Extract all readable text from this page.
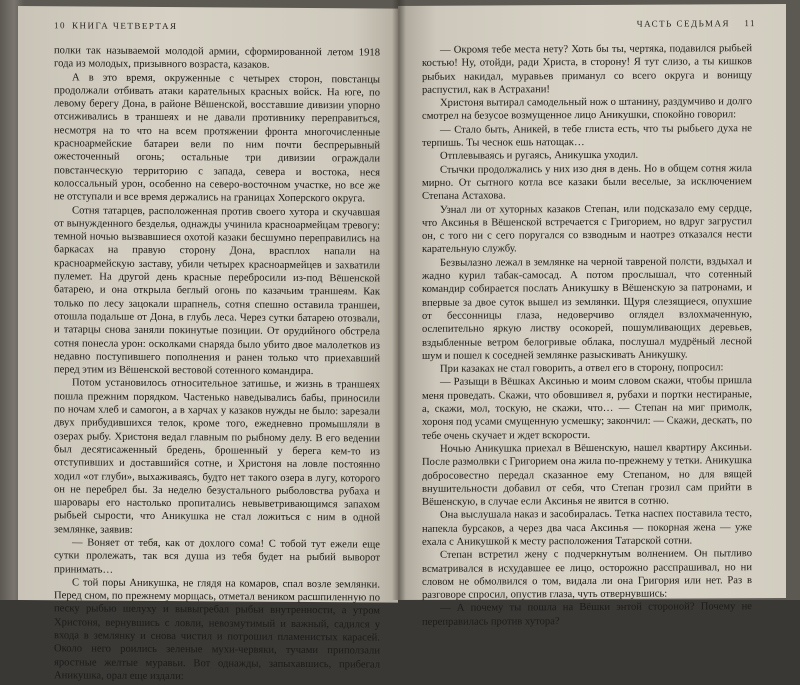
10 КНИГА ЧЕТВЕРТАЯ

полки так называемой молодой армии, сформированной летом 1918 года из молодых, призывного возраста, казаков.

А в это время, окруженные с четырех сторон, повстанцы продолжали отбивать атаки карательных красных войск. На юге, по левому берегу Дона, в районе Вёшенской, восставшие дивизии упорно отсиживались в траншеях и не давали противнику переправиться, несмотря на то что на всем протяжении фронта многочисленные красноармейские батареи вели по ним почти беспрерывный ожесточенный огонь; остальные три дивизии ограждали повстанческую территорию с запада, севера и востока, неся колоссальный урон, особенно на северо-восточном участке, но все же не отступали и все время держались на границах Хоперского округа.

Сотня татарцев, расположенная против своего хутора и скучавшая от вынужденного безделья, однажды учинила красноармейцам тревогу: темной ночью вызвавшиеся охотой казаки бесшумно переправились на баркасах на правую сторону Дона, врасплох напали на красноармейскую заставу, убили четырех красноармейцев и захватили пулемет. На другой день красные перебросили из-под Вёшенской батарею, и она открыла беглый огонь по казачьим траншеям. Как только по лесу зацокали шрапнель, сотня спешно оставила траншеи, отошла подальше от Дона, в глубь леса. Через сутки батарею отозвали, и татарцы снова заняли покинутые позиции. От орудийного обстрела сотня понесла урон: осколками снаряда было убито двое малолетков из недавно поступившего пополнения и ранен только что приехавший перед этим из Вёшенской вестовой сотенного командира.

Потом установилось относительное затишье, и жизнь в траншеях пошла прежним порядком. Частенько наведывались бабы, приносили по ночам хлеб и самогон, а в харчах у казаков нужды не было: зарезали двух прибудившихся телок, кроме того, ежедневно промышляли в озерах рыбу. Христоня ведал главным по рыбному делу. В его ведении был десятисаженный бредень, брошенный у берега кем-то из отступивших и доставшийся сотне, и Христоня на ловле постоянно ходил «от глуби», выхаживаясь, будто нет такого озера в лугу, которого он не перебрел бы. За неделю безустального рыболовства рубаха и шаровары его настолько пропитались невыветривающимся запахом рыбьей сырости, что Аникушка не стал ложиться с ним в одной землянке, заявив:

— Воняет от тебя, как от дохлого сома! С тобой тут ежели еще сутки пролежать, так вся душа из тебя будет на рыбий выворот принимать…

С той поры Аникушка, не глядя на комаров, спал возле землянки. Перед сном, по прежнему морщась, отметал веником расшпиленную по песку рыбью шелуху и вывыгребал рыбьи внутренности, а утром Христоня, вернувшись с ловли, невозмутимый и важный, садился у входа в землянку и снова чистил и потрошил пламенистых карасей. Около него роились зеленые мухи-червяки, тучами приползали яростные желтые муравьи. Вот однажды, запыхавшись, прибегал Аникушка, орал еще издали:

ЧАСТЬ СЕДЬМАЯ 11

— Окромя тебе места нету? Хоть бы ты, чертяка, подавился рыбьей костью! Ну, отойди, ради Христа, в сторону! Я тут слизо, а ты кишков рыбьих накидал, муравьев приманул со всего округа и вонищу распустил, как в Астрахани!

Христоня вытирал самодельный нож о штанину, раздумчиво и долго смотрел на безусое возмущенное лицо Аникушки, спокойно говорил:

— Стало быть, Аникей, в тебе глиста есть, что ты рыбьего духа не терпишь. Ты чеснок ешь натощак…

Отплевываясь и ругаясь, Аникушка уходил.

Стычки продолжались у них изо дня в день. Но в общем сотня жила мирно. От сытного котла все казаки были веселые, за исключением Степана Астахова.

Узнал ли от хуторных казаков Степан, или подсказало ему сердце, что Аксинья в Вёшенской встречается с Григорием, но вдруг загрустил он, с того ни с сего поругался со взводным и наотрез отказался нести карательную службу.

Безвылазно лежал в землянке на черной тавреной полсти, вздыхал и жадно курил табак-самосад. А потом прослышал, что сотенный командир собирается послать Аникушку в Вёшенскую за патронами, и впервые за двое суток вышел из землянки. Щуря слезящиеся, опухшие от бессонницы глаза, недоверчиво оглядел взлохмаченную, ослепительно яркую листву осокорей, пошумливающих деревьев, вздыбленные ветром белогривые облака, послушал мудрёный лесной шум и пошел к соседней землянке разыскивать Аникушку.

При казаках не стал говорить, а отвел его в сторону, попросил:

— Разыщи в Вёшках Аксинью и моим словом скажи, чтобы пришла меня проведать. Скажи, что обовшивел я, рубахи и портки нестираные, а, скажи, мол, тоскую, не скажи, что… — Степан на миг примолк, хороня под усами смущенную усмешку; закончил: — Скажи, дескать, по тебе очень скучает и ждет вскорости.

Ночью Аникушка приехал в Вёшенскую, нашел квартиру Аксиньи. После размолвки с Григорием она жила по-прежнему у тетки. Аникушка добросовестно передал сказанное ему Степаном, но для вящей внушительности добавил от себя, что Степан грозил сам прийти в Вёшенскую, в случае если Аксинья не явится в сотню.

Она выслушала наказ и засобиралась. Тетка наспех поставила тесто, напекла бурсаков, а через два часа Аксинья — покорная жена — уже ехала с Аникушкой к месту расположения Татарской сотни.

Степан встретил жену с подчеркнутым волнением. Он пытливо всматривался в исхудавшее ее лицо, осторожно расспрашивал, но ни словом не обмолвился о том, видала ли она Григория или нет. Раз в разговоре спросил, опустив глаза, чуть отвернувшись:

— А почему ты пошла на Вёшки энтой стороной? Почему не переправилась против хутора?
